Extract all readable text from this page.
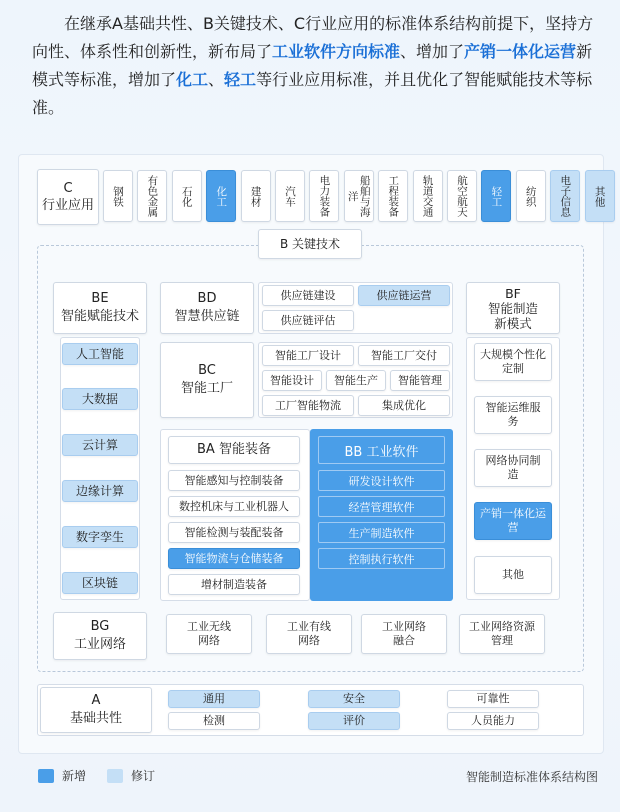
在继承A基础共性、B关键技术、C行业应用的标准体系结构前提下，坚持方向性、体系性和创新性，新布局了工业软件方向标准、增加了产销一体化运营新模式等标准，增加了化工、轻工等行业应用标准，并且优化了智能赋能技术等标准。
C
行业应用 钢铁 有色金属 石化 化工 建材 汽车 电力装备	船舶与海洋	工程装备 轨道交通 航空航天 轻工 纺织 电子信息 其他
B 关键技术
BE
智能赋能技术
人工智能
大数据
云计算
边缘计算
数字孪生
区块链
BD
智慧供应链
供应链建设	供应链运营
供应链评估
BC
智能工厂
智能工厂设计	智能工厂交付
智能设计 智能生产 智能管理
工厂智能物流	集成优化
BA 智能装备
智能感知与控制装备
数控机床与工业机器人
智能检测与装配装备
智能物流与仓储装备
增材制造装备
BB 工业软件
研发设计软件
经营管理软件
生产制造软件
控制执行软件
BF
智能制造
新模式
大规模个性化定制
智能运维服务
网络协同制造
产销一体化运营
其他
BG
工业网络
工业无线网络
工业有线网络
工业网络融合
工业网络资源管理
A
基础共性
通用	安全	可靠性
检测	评价	人员能力
新增	修订	智能制造标准体系结构图
